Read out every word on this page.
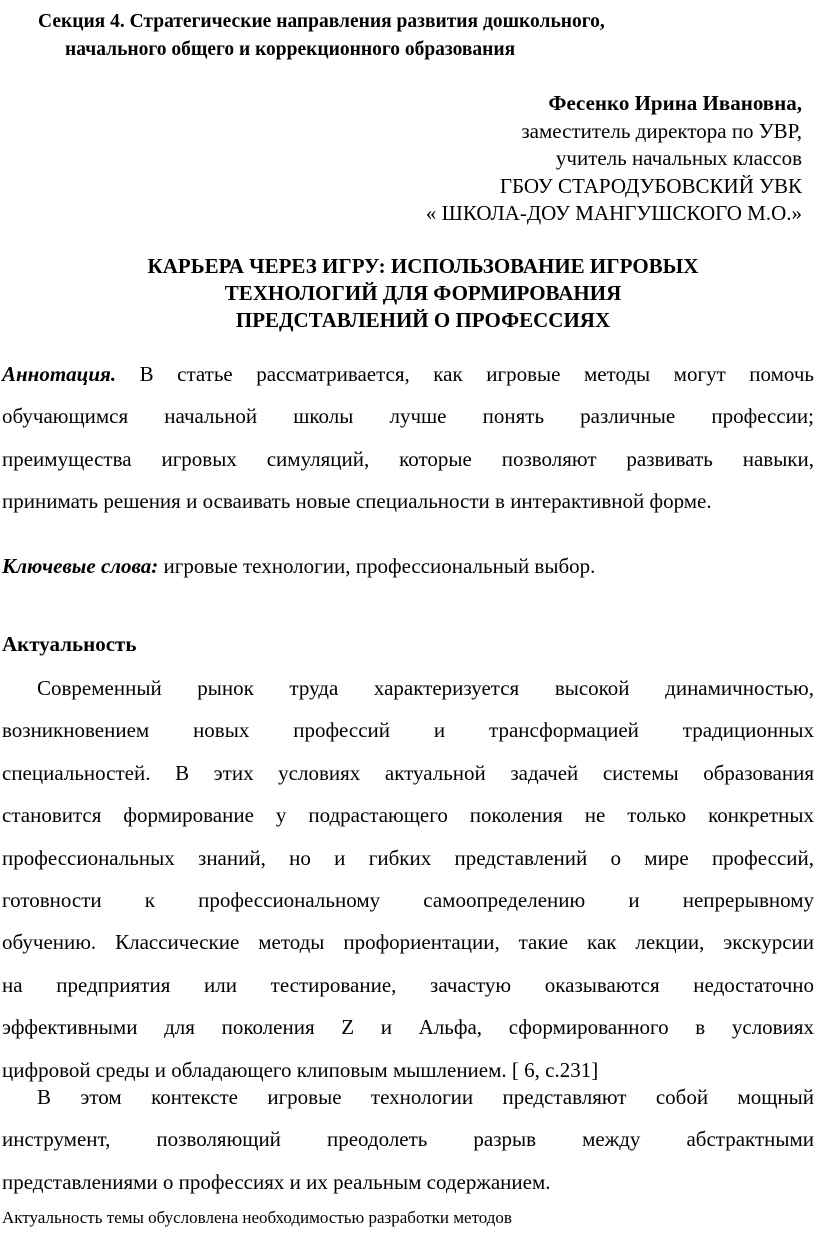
Секция 4. Стратегические направления развития дошкольного,
начального общего и коррекционного образования
Фесенко Ирина Ивановна,
заместитель директора по УВР,
учитель начальных классов
ГБОУ СТАРОДУБОВСКИЙ УВК
« ШКОЛА-ДОУ МАНГУШСКОГО М.О.»
КАРЬЕРА ЧЕРЕЗ ИГРУ: ИСПОЛЬЗОВАНИЕ ИГРОВЫХ
ТЕХНОЛОГИЙ ДЛЯ ФОРМИРОВАНИЯ
ПРЕДСТАВЛЕНИЙ О ПРОФЕССИЯХ
Аннотация. В статье рассматривается, как игровые методы могут помочь
обучающимся начальной школы лучше понять различные профессии;
преимущества игровых симуляций, которые позволяют развивать навыки,
принимать решения и осваивать новые специальности в интерактивной форме.
Ключевые слова: игровые технологии, профессиональный выбор.
Актуальность
Современный рынок труда характеризуется высокой динамичностью,
возникновением новых профессий и трансформацией традиционных
специальностей. В этих условиях актуальной задачей системы образования
становится формирование у подрастающего поколения не только конкретных
профессиональных знаний, но и гибких представлений о мире профессий,
готовности к профессиональному самоопределению и непрерывному
обучению. Классические методы профориентации, такие как лекции, экскурсии
на предприятия или тестирование, зачастую оказываются недостаточно
эффективными для поколения Z и Альфа, сформированного в условиях
цифровой среды и обладающего клиповым мышлением. [ 6, с.231]
В этом контексте игровые технологии представляют собой мощный
инструмент, позволяющий преодолеть разрыв между абстрактными
представлениями о профессиях и их реальным содержанием.
Актуальность темы обусловлена необходимостью разработки методов
